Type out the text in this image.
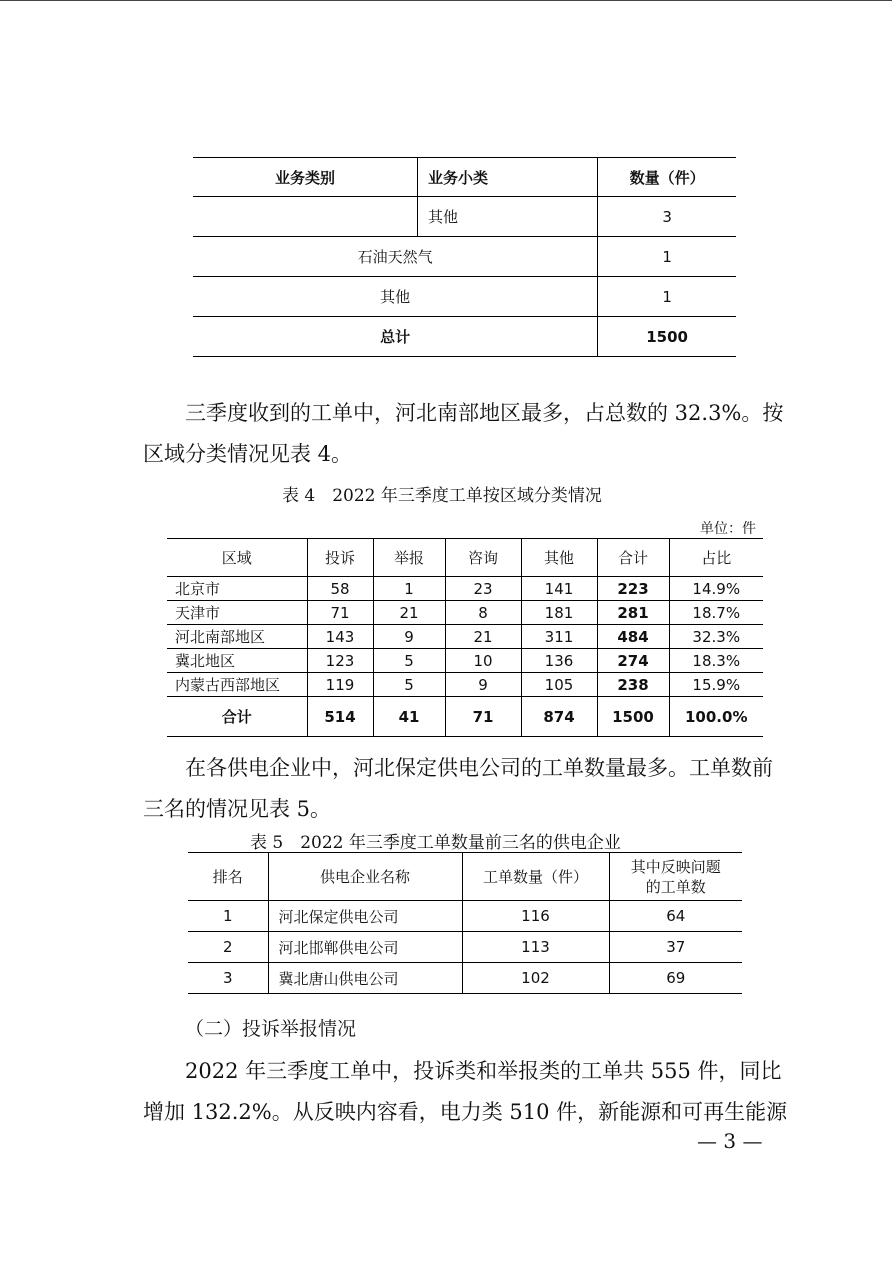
业务类别	业务小类	数量（件）
	其他	3
石油天然气		1
其他		1
总计		1500

三季度收到的工单中，河北南部地区最多，占总数的 32.3%。按区域分类情况见表 4。

表 4　2022 年三季度工单按区域分类情况
单位：件
区域	投诉	举报	咨询	其他	合计	占比
北京市	58	1	23	141	223	14.9%
天津市	71	21	8	181	281	18.7%
河北南部地区	143	9	21	311	484	32.3%
冀北地区	123	5	10	136	274	18.3%
内蒙古西部地区	119	5	9	105	238	15.9%
合计	514	41	71	874	1500	100.0%

在各供电企业中，河北保定供电公司的工单数量最多。工单数前三名的情况见表 5。

表 5　2022 年三季度工单数量前三名的供电企业
排名	供电企业名称	工单数量（件）	其中反映问题的工单数
1	河北保定供电公司	116	64
2	河北邯郸供电公司	113	37
3	冀北唐山供电公司	102	69
（二）投诉举报情况

2022 年三季度工单中，投诉类和举报类的工单共 555 件，同比增加 132.2%。从反映内容看，电力类 510 件，新能源和可再生能源

— 3 —
